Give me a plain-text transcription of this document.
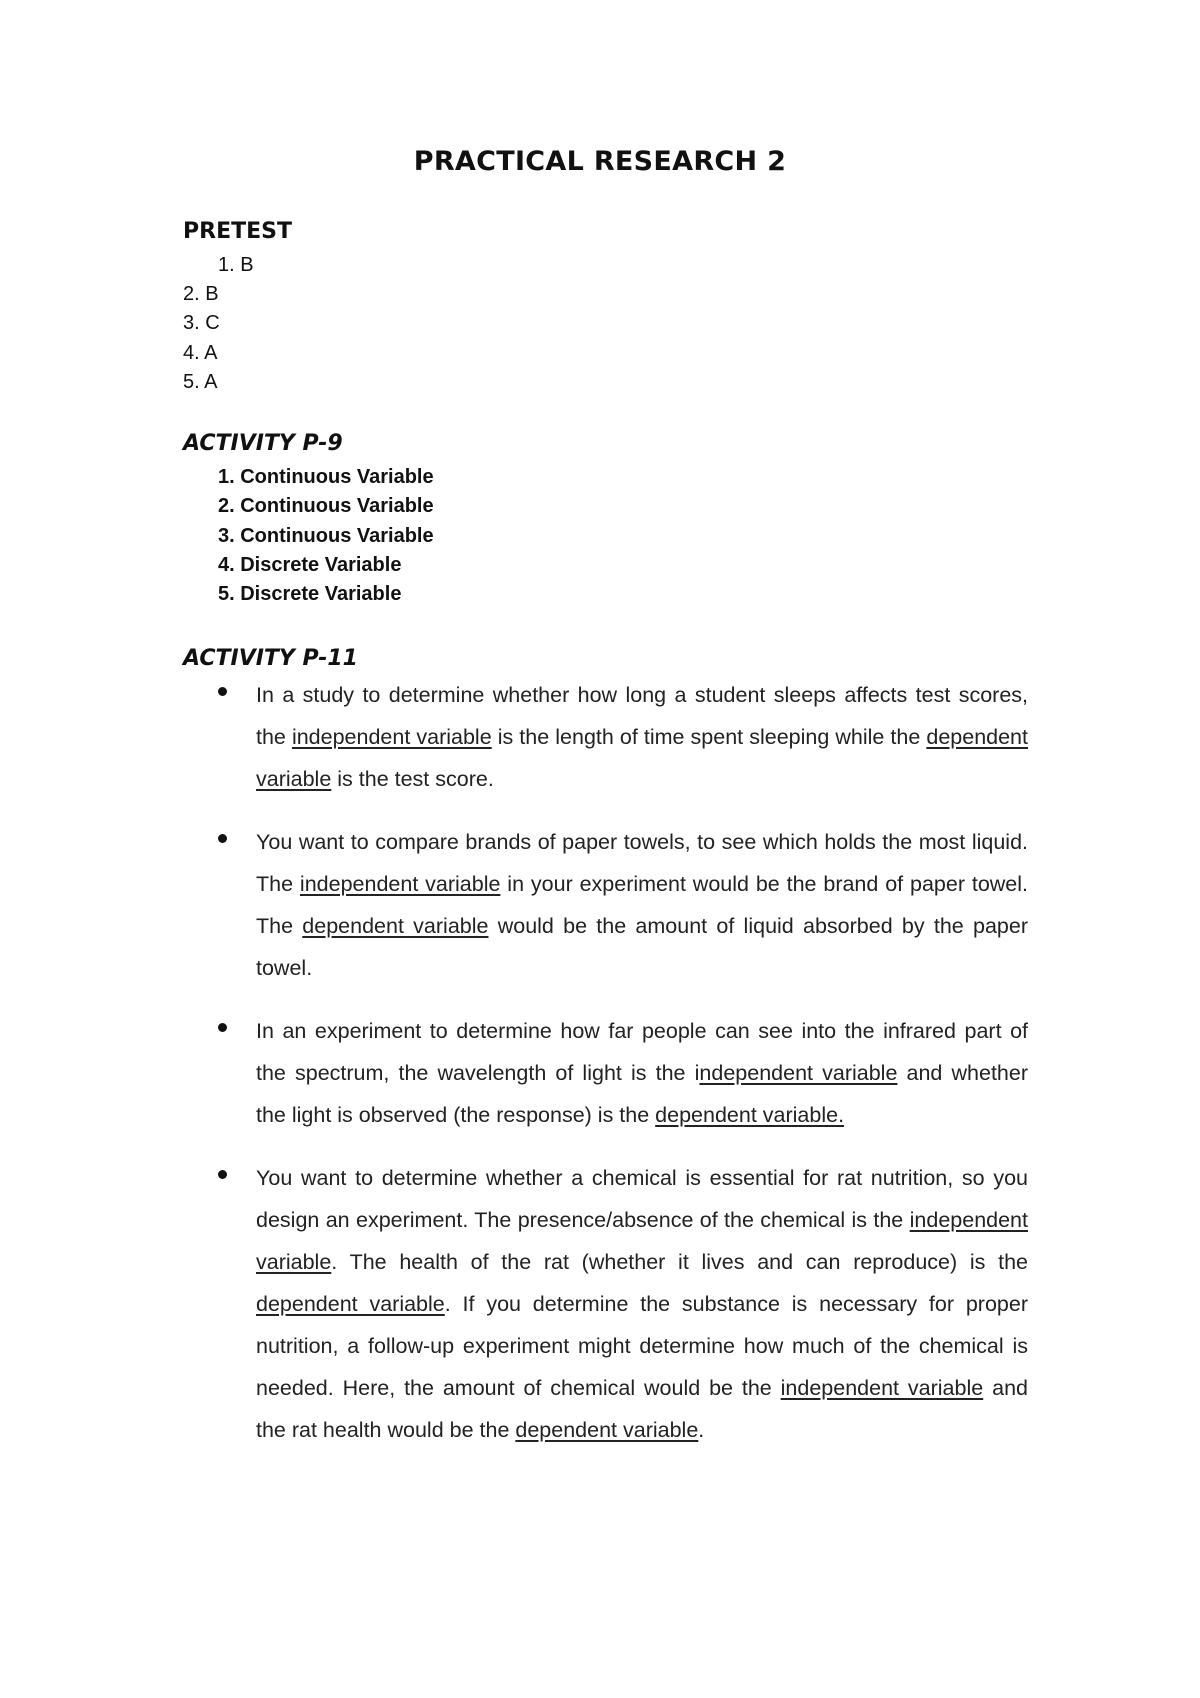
PRACTICAL RESEARCH 2
PRETEST
1. B
2. B
3. C
4. A
5. A
ACTIVITY P-9
1. Continuous Variable
2. Continuous Variable
3. Continuous Variable
4. Discrete Variable
5. Discrete Variable
ACTIVITY P-11
In a study to determine whether how long a student sleeps affects test scores, the independent variable is the length of time spent sleeping while the dependent variable is the test score.
You want to compare brands of paper towels, to see which holds the most liquid. The independent variable in your experiment would be the brand of paper towel. The dependent variable would be the amount of liquid absorbed by the paper towel.
In an experiment to determine how far people can see into the infrared part of the spectrum, the wavelength of light is the independent variable and whether the light is observed (the response) is the dependent variable.
You want to determine whether a chemical is essential for rat nutrition, so you design an experiment. The presence/absence of the chemical is the independent variable. The health of the rat (whether it lives and can reproduce) is the dependent variable. If you determine the substance is necessary for proper nutrition, a follow-up experiment might determine how much of the chemical is needed. Here, the amount of chemical would be the independent variable and the rat health would be the dependent variable.
